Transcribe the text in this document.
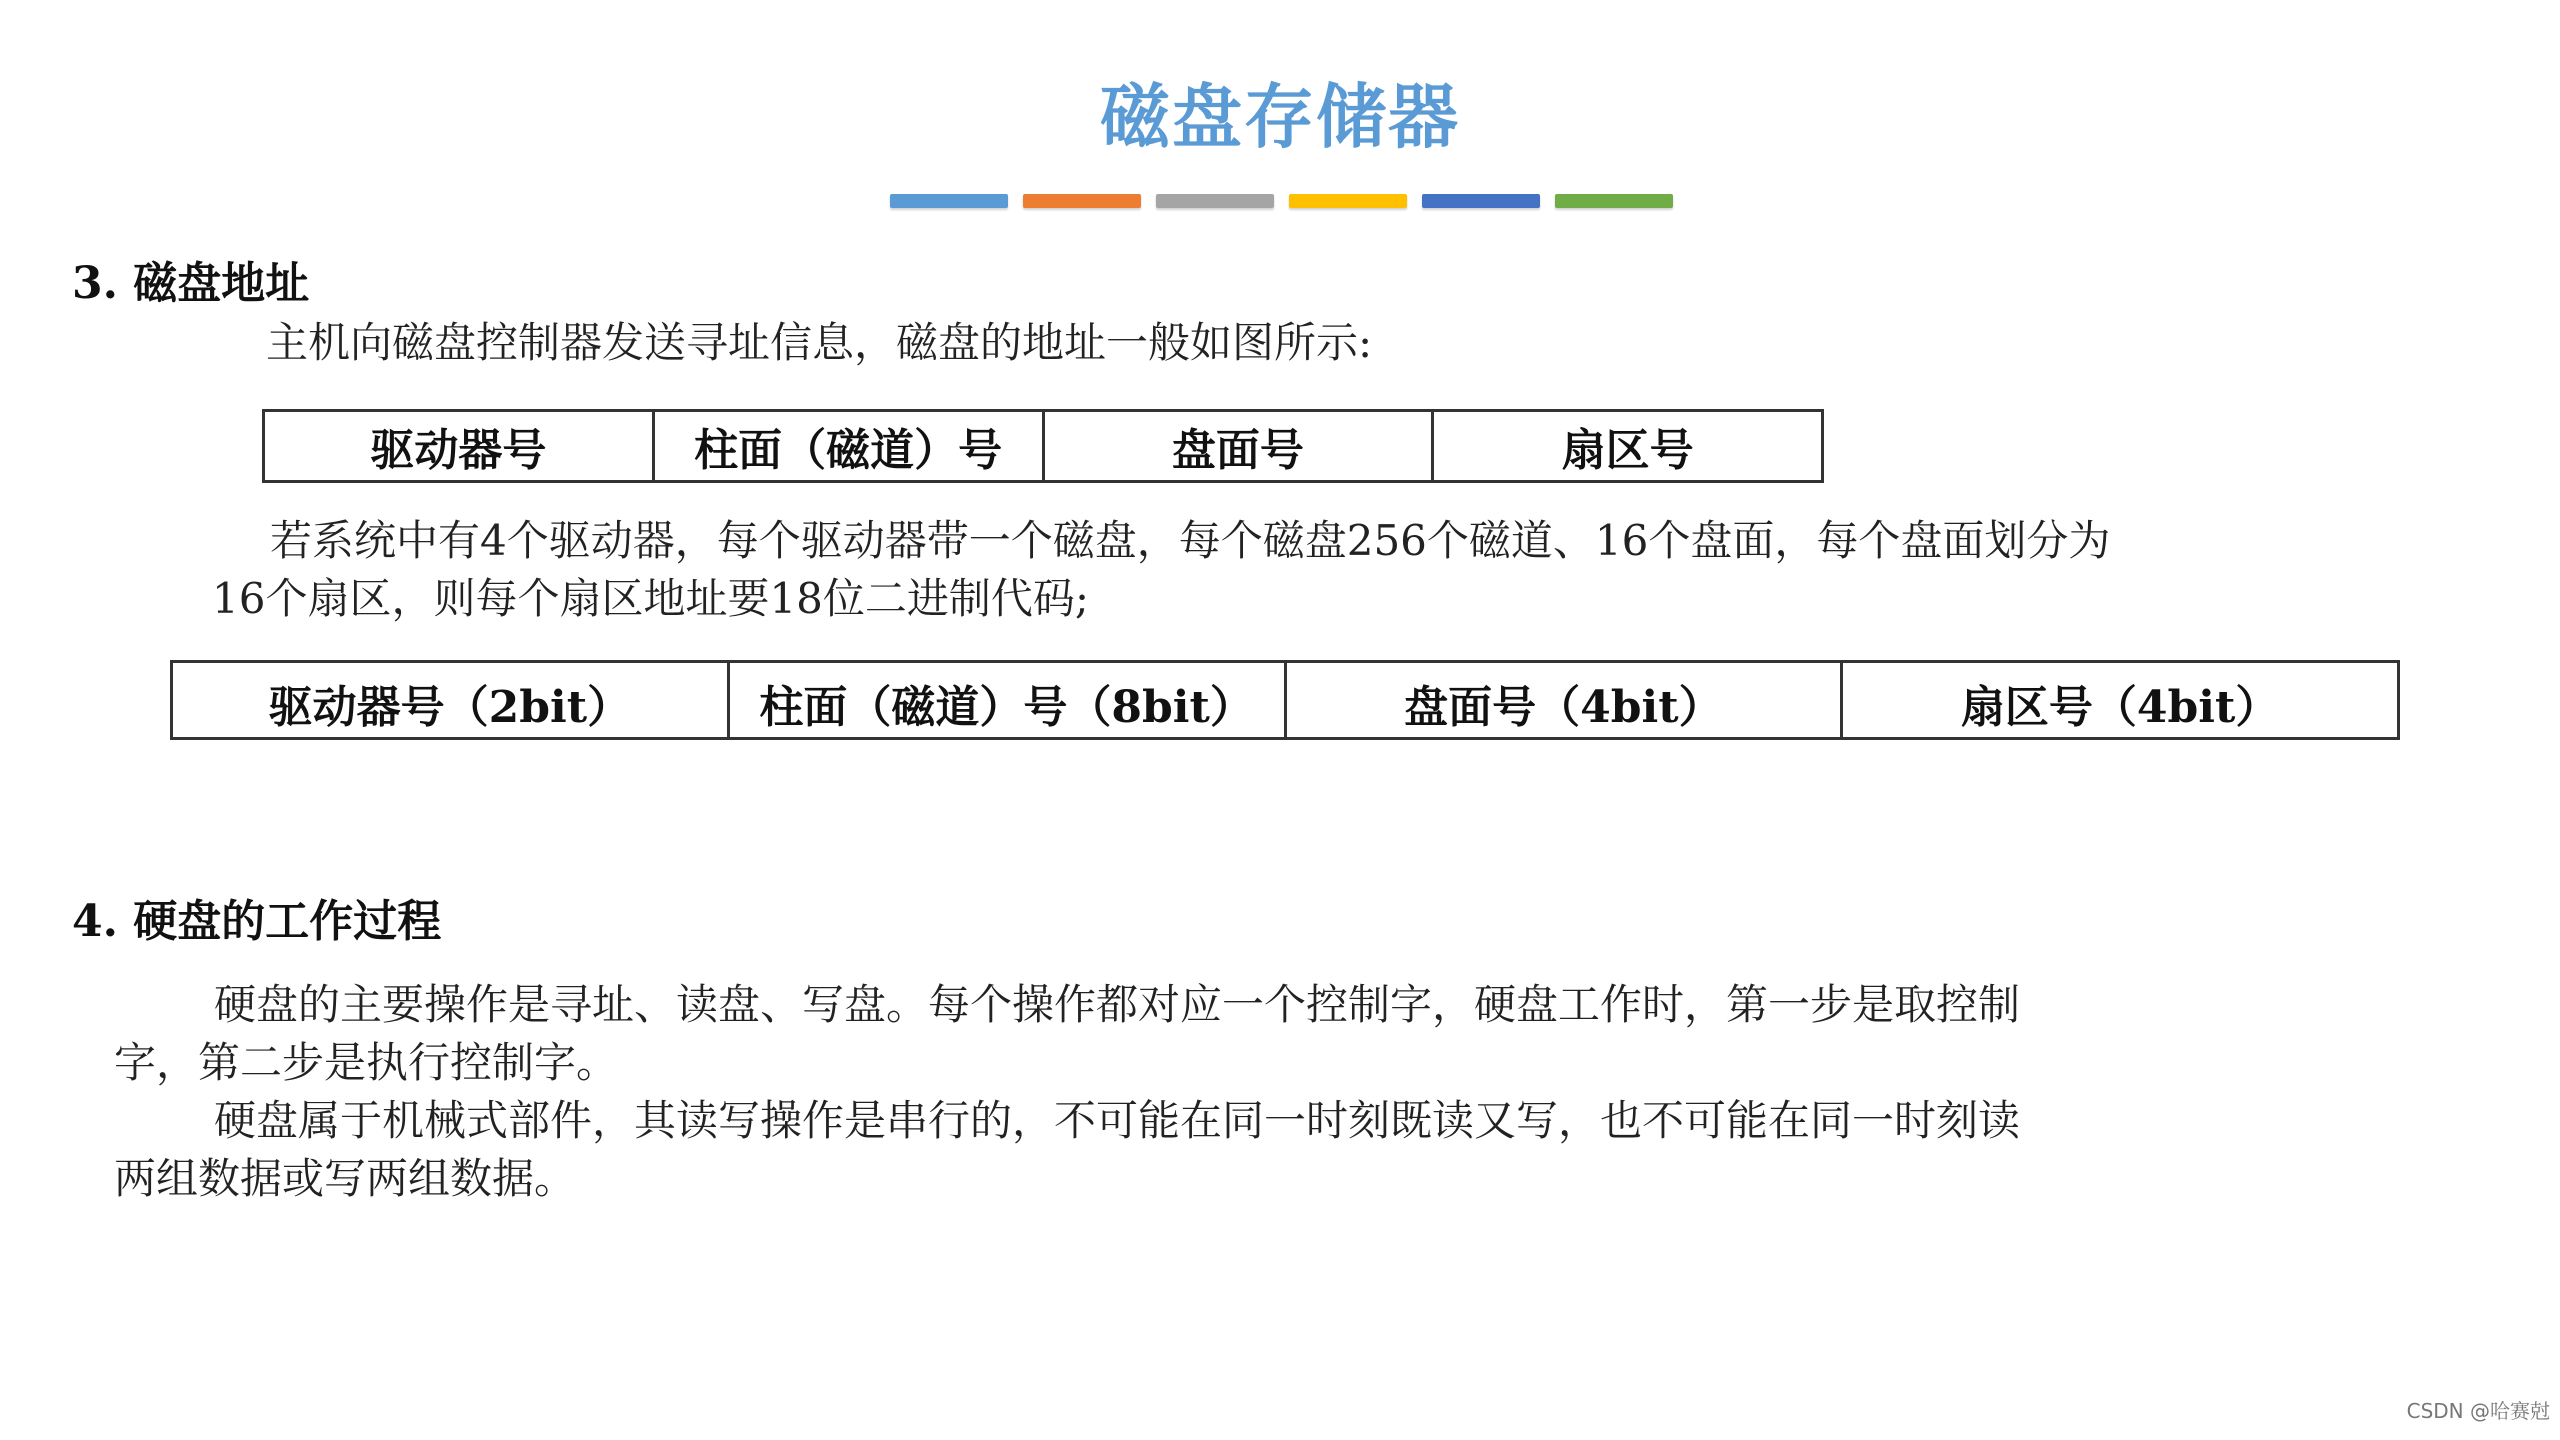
磁盘存储器
3. 磁盘地址
主机向磁盘控制器发送寻址信息，磁盘的地址一般如图所示:
驱动器号	柱面（磁道）号	盘面号	扇区号
若系统中有4个驱动器，每个驱动器带一个磁盘，每个磁盘256个磁道、16个盘面，每个盘面划分为
16个扇区，则每个扇区地址要18位二进制代码;
驱动器号（2bit）	柱面（磁道）号（8bit）	盘面号（4bit）	扇区号（4bit）
4. 硬盘的工作过程
硬盘的主要操作是寻址、读盘、写盘。每个操作都对应一个控制字，硬盘工作时，第一步是取控制
字，第二步是执行控制字。
硬盘属于机械式部件，其读写操作是串行的，不可能在同一时刻既读又写，也不可能在同一时刻读
两组数据或写两组数据。
CSDN @哈赛尅
